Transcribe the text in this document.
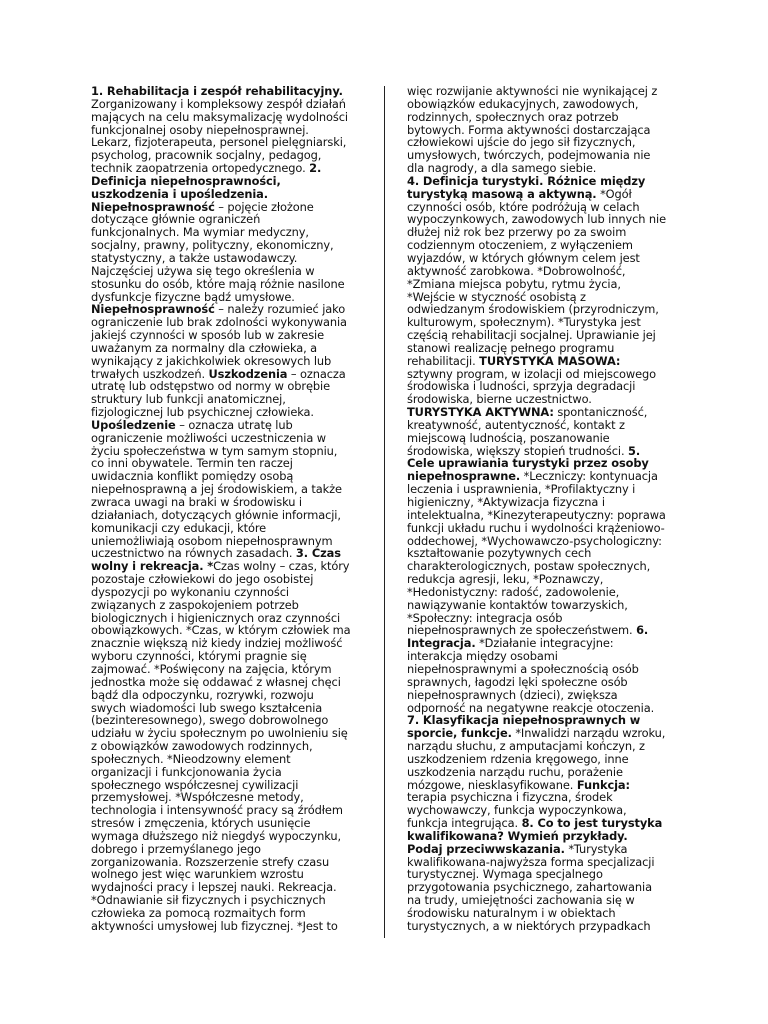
1. Rehabilitacja i zespół rehabilitacyjny.
Zorganizowany i kompleksowy zespół działań
mających na celu maksymalizację wydolności
funkcjonalnej osoby niepełnosprawnej.
Lekarz, fizjoterapeuta, personel pielęgniarski,
psycholog, pracownik socjalny, pedagog,
technik zaopatrzenia ortopedycznego. 2.
Definicja niepełnosprawności,
uszkodzenia i upośledzenia.
Niepełnosprawność – pojęcie złożone
dotyczące głównie ograniczeń
funkcjonalnych. Ma wymiar medyczny,
socjalny, prawny, polityczny, ekonomiczny,
statystyczny, a także ustawodawczy.
Najczęściej używa się tego określenia w
stosunku do osób, które mają różnie nasilone
dysfunkcje fizyczne bądź umysłowe.
Niepełnosprawność – należy rozumieć jako
ograniczenie lub brak zdolności wykonywania
jakiejś czynności w sposób lub w zakresie
uważanym za normalny dla człowieka, a
wynikający z jakichkolwiek okresowych lub
trwałych uszkodzeń. Uszkodzenia – oznacza
utratę lub odstępstwo od normy w obrębie
struktury lub funkcji anatomicznej,
fizjologicznej lub psychicznej człowieka.
Upośledzenie – oznacza utratę lub
ograniczenie możliwości uczestniczenia w
życiu społeczeństwa w tym samym stopniu,
co inni obywatele. Termin ten raczej
uwidacznia konflikt pomiędzy osobą
niepełnosprawną a jej środowiskiem, a także
zwraca uwagi na braki w środowisku i
działaniach, dotyczących głównie informacji,
komunikacji czy edukacji, które
uniemożliwiają osobom niepełnosprawnym
uczestnictwo na równych zasadach. 3. Czas
wolny i rekreacja. *Czas wolny – czas, który
pozostaje człowiekowi do jego osobistej
dyspozycji po wykonaniu czynności
związanych z zaspokojeniem potrzeb
biologicznych i higienicznych oraz czynności
obowiązkowych. *Czas, w którym człowiek ma
znacznie większą niż kiedy indziej możliwość
wyboru czynności, którymi pragnie się
zajmować. *Poświęcony na zajęcia, którym
jednostka może się oddawać z własnej chęci
bądź dla odpoczynku, rozrywki, rozwoju
swych wiadomości lub swego kształcenia
(bezinteresownego), swego dobrowolnego
udziału w życiu społecznym po uwolnieniu się
z obowiązków zawodowych rodzinnych,
społecznych. *Nieodzowny element
organizacji i funkcjonowania życia
społecznego współczesnej cywilizacji
przemysłowej. *Współczesne metody,
technologia i intensywność pracy są źródłem
stresów i zmęczenia, których usunięcie
wymaga dłuższego niż niegdyś wypoczynku,
dobrego i przemyślanego jego
zorganizowania. Rozszerzenie strefy czasu
wolnego jest więc warunkiem wzrostu
wydajności pracy i lepszej nauki. Rekreacja.
*Odnawianie sił fizycznych i psychicznych
człowieka za pomocą rozmaitych form
aktywności umysłowej lub fizycznej. *Jest to
więc rozwijanie aktywności nie wynikającej z
obowiązków edukacyjnych, zawodowych,
rodzinnych, społecznych oraz potrzeb
bytowych. Forma aktywności dostarczająca
człowiekowi ujście do jego sił fizycznych,
umysłowych, twórczych, podejmowania nie
dla nagrody, a dla samego siebie.
4. Definicja turystyki. Różnice między
turystyką masową a aktywną. *Ogół
czynności osób, które podróżują w celach
wypoczynkowych, zawodowych lub innych nie
dłużej niż rok bez przerwy po za swoim
codziennym otoczeniem, z wyłączeniem
wyjazdów, w których głównym celem jest
aktywność zarobkowa. *Dobrowolność,
*Zmiana miejsca pobytu, rytmu życia,
*Wejście w styczność osobistą z
odwiedzanym środowiskiem (przyrodniczym,
kulturowym, społecznym). *Turystyka jest
częścią rehabilitacji socjalnej. Uprawianie jej
stanowi realizację pełnego programu
rehabilitacji. TURYSTYKA MASOWA:
sztywny program, w izolacji od miejscowego
środowiska i ludności, sprzyja degradacji
środowiska, bierne uczestnictwo.
TURYSTYKA AKTYWNA: spontaniczność,
kreatywność, autentyczność, kontakt z
miejscową ludnością, poszanowanie
środowiska, większy stopień trudności. 5.
Cele uprawiania turystyki przez osoby
niepełnosprawne. *Leczniczy: kontynuacja
leczenia i usprawnienia, *Profilaktyczny i
higieniczny, *Aktywizacja fizyczna i
intelektualna, *Kinezyterapeutyczny: poprawa
funkcji układu ruchu i wydolności krążeniowo-
oddechowej, *Wychowawczo-psychologiczny:
kształtowanie pozytywnych cech
charakterologicznych, postaw społecznych,
redukcja agresji, leku, *Poznawczy,
*Hedonistyczny: radość, zadowolenie,
nawiązywanie kontaktów towarzyskich,
*Społeczny: integracja osób
niepełnosprawnych ze społeczeństwem. 6.
Integracja. *Działanie integracyjne:
interakcja między osobami
niepełnosprawnymi a społecznością osób
sprawnych, łagodzi lęki społeczne osób
niepełnosprawnych (dzieci), zwiększa
odporność na negatywne reakcje otoczenia.
7. Klasyfikacja niepełnosprawnych w
sporcie, funkcje. *Inwalidzi narządu wzroku,
narządu słuchu, z amputacjami kończyn, z
uszkodzeniem rdzenia kręgowego, inne
uszkodzenia narządu ruchu, porażenie
mózgowe, niesklasyfikowane. Funkcja:
terapia psychiczna i fizyczna, środek
wychowawczy, funkcja wypoczynkowa,
funkcja integrująca. 8. Co to jest turystyka
kwalifikowana? Wymień przykłady.
Podaj przeciwwskazania. *Turystyka
kwalifikowana-najwyższa forma specjalizacji
turystycznej. Wymaga specjalnego
przygotowania psychicznego, zahartowania
na trudy, umiejętności zachowania się w
środowisku naturalnym i w obiektach
turystycznych, a w niektórych przypadkach
